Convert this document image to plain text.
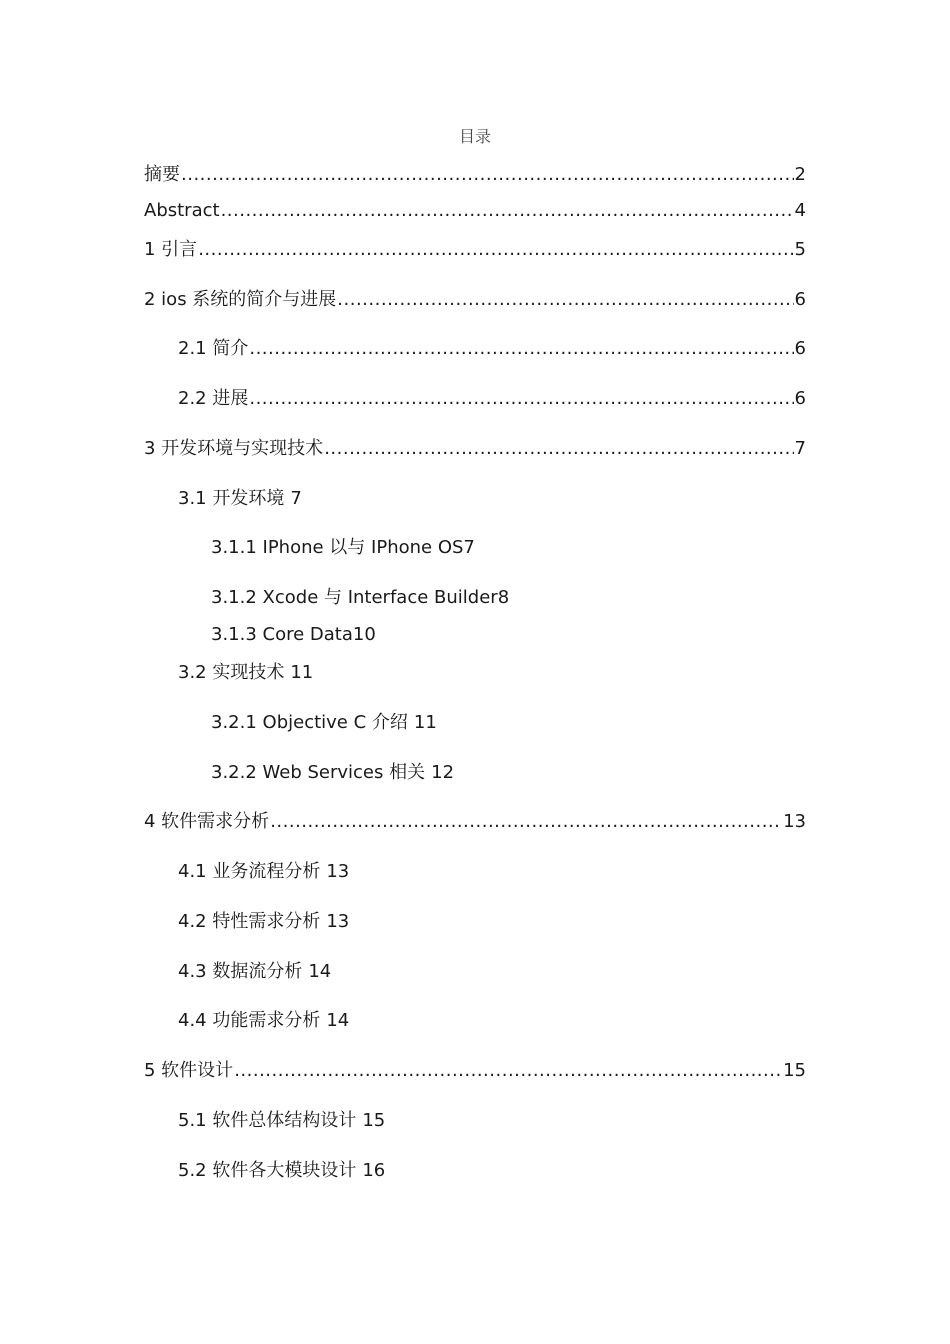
目录
摘要 .....	2
Abstract .....	4
1 引言 .....	5
2 ios 系统的简介与进展 .....	6
2.1 简介 .....	6
2.2 进展 .....	6
3 开发环境与实现技术 .....	7
3.1 开发环境 7
3.1.1 IPhone 以与 IPhone OS 7
3.1.2 Xcode 与 Interface Builder 8
3.1.3 Core Data 10
3.2 实现技术 11
3.2.1 Objective C 介绍 11
3.2.2 Web Services 相关 12
4 软件需求分析 .....	13
4.1 业务流程分析 13
4.2 特性需求分析 13
4.3 数据流分析 14
4.4 功能需求分析 14
5 软件设计 .....	15
5.1 软件总体结构设计 15
5.2 软件各大模块设计 16
